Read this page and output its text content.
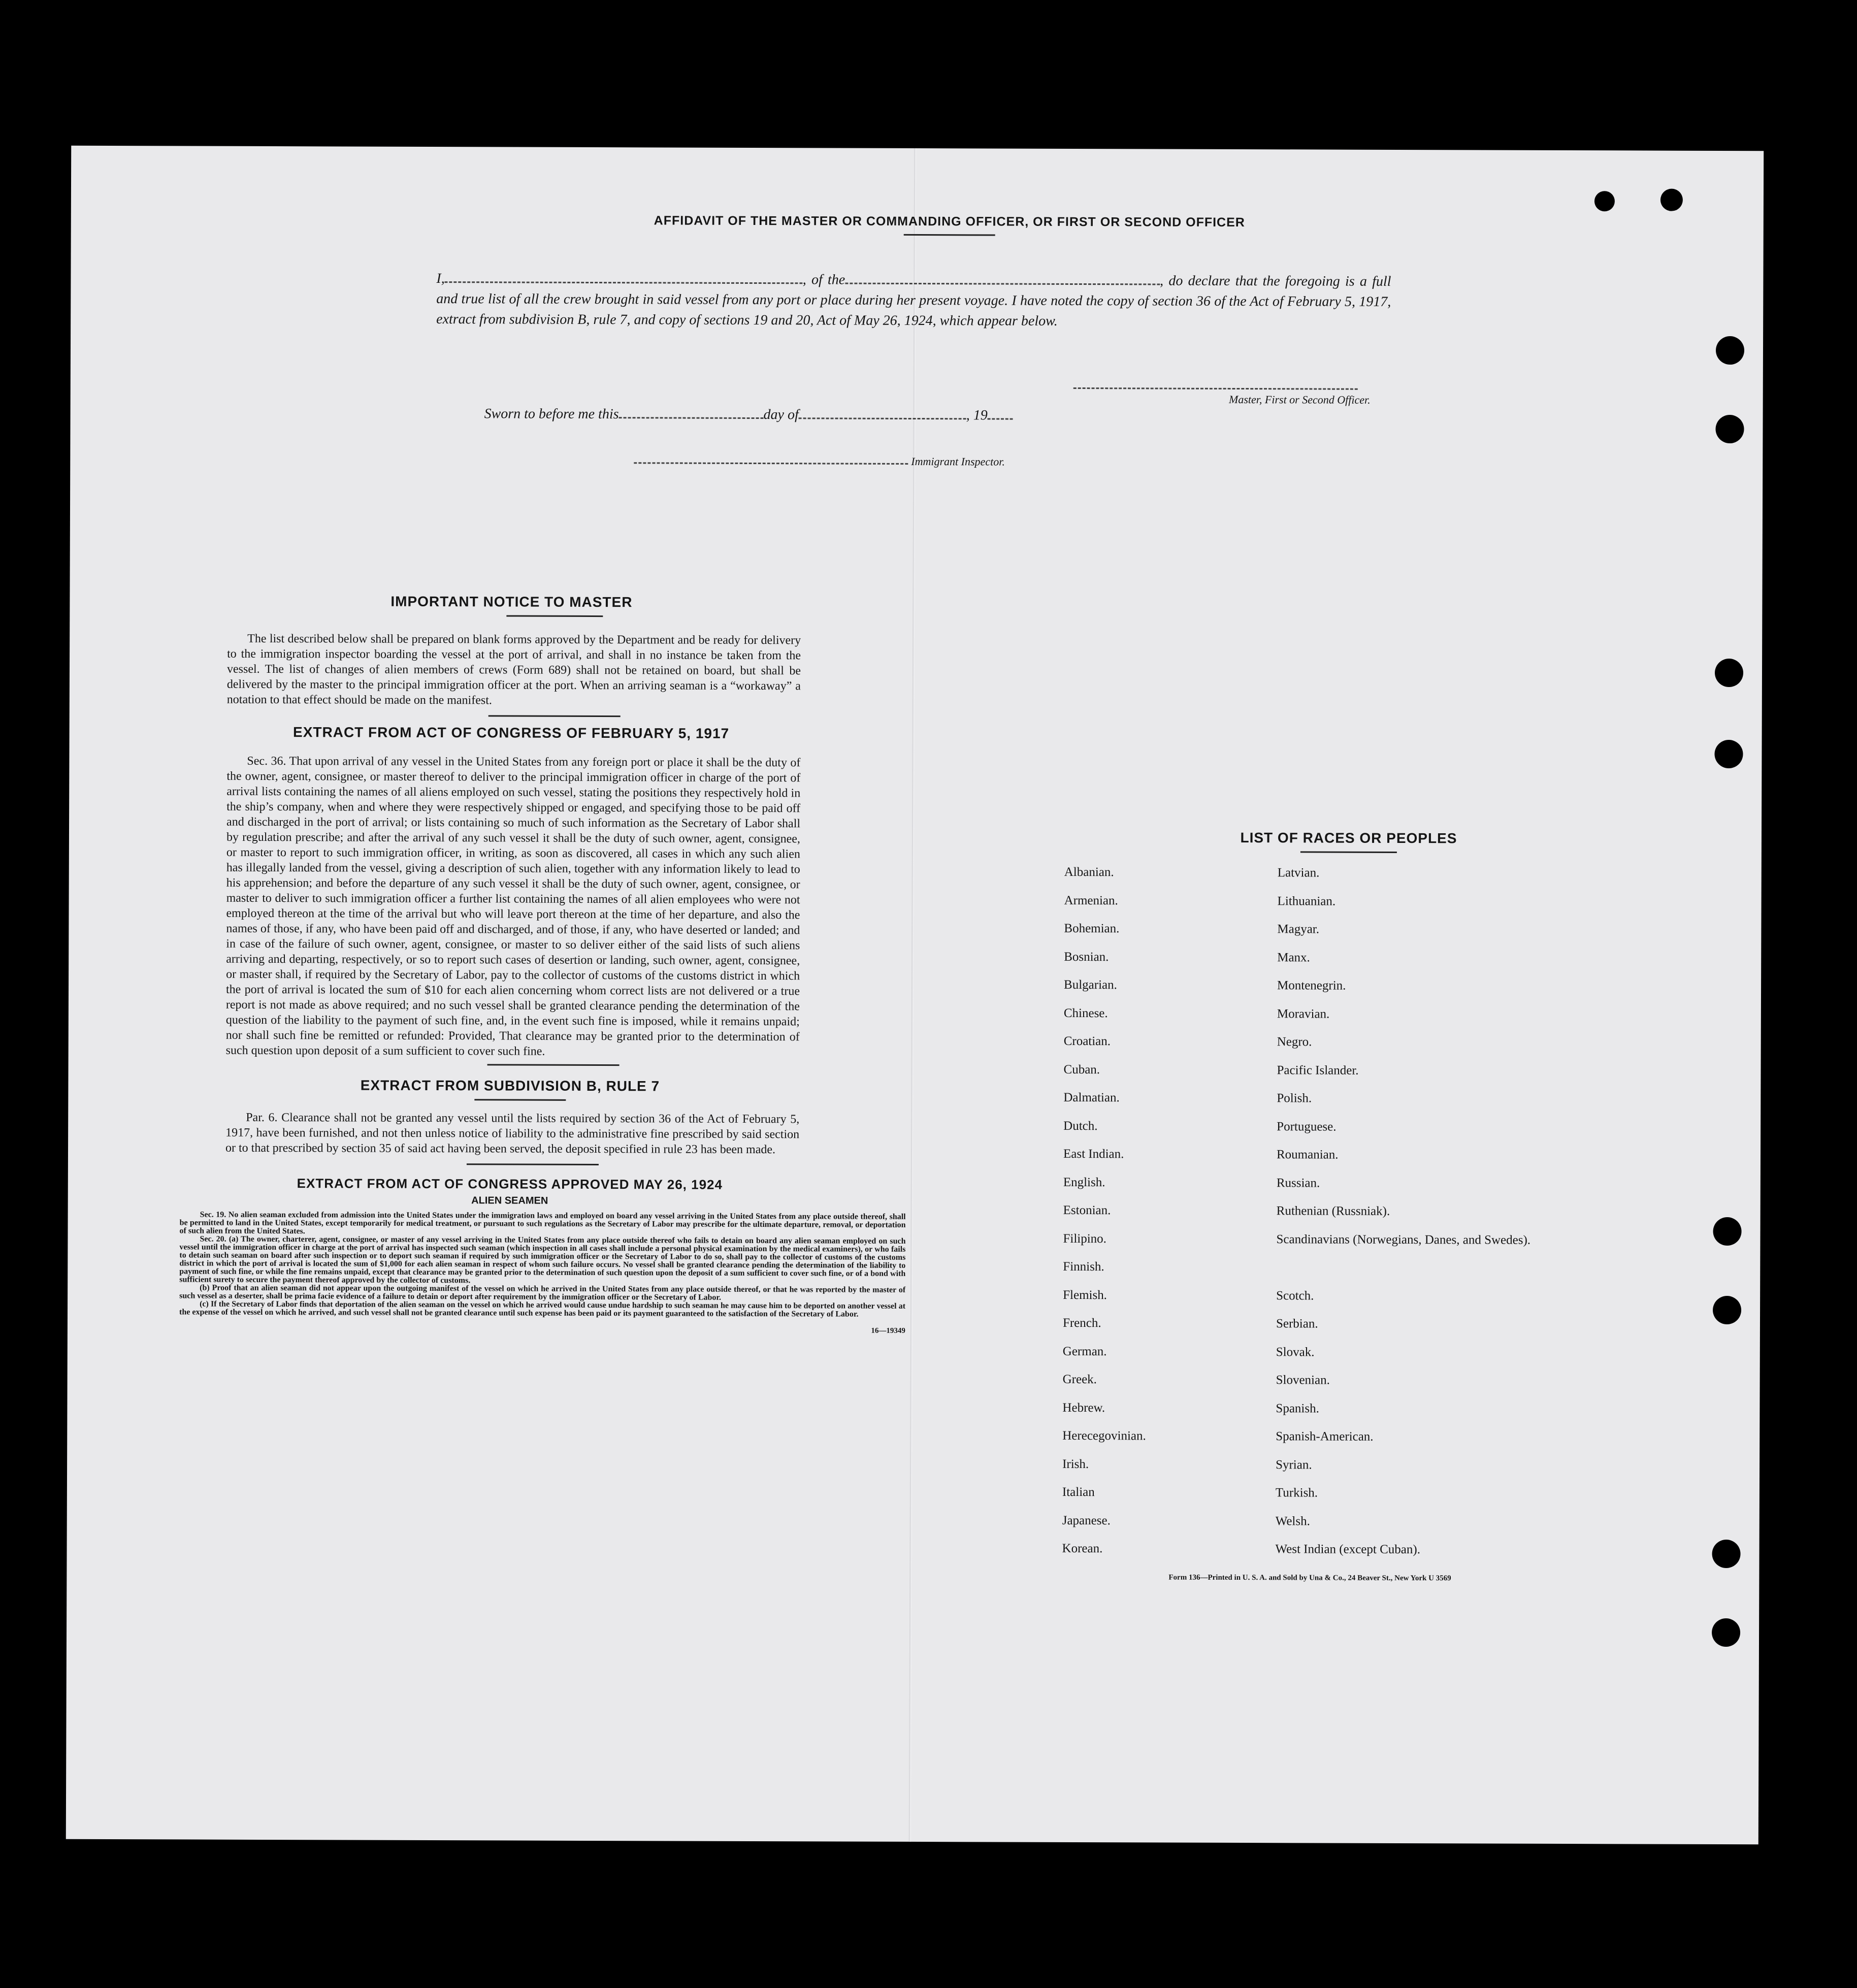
AFFIDAVIT OF THE MASTER OR COMMANDING OFFICER, OR FIRST OR SECOND OFFICER
I,	, of the	, do declare that the foregoing is a full and true list of all the crew brought in said vessel from any port or place during her present voyage. I have noted the copy of section 36 of the Act of February 5, 1917, extract from subdivision B, rule 7, and copy of sections 19 and 20, Act of May 26, 1924, which appear below.
Master, First or Second Officer.
Sworn to before me this	day of	, 19
Immigrant Inspector.
IMPORTANT NOTICE TO MASTER

The list described below shall be prepared on blank forms approved by the Department and be ready for delivery to the immigration inspector boarding the vessel at the port of arrival, and shall in no instance be taken from the vessel. The list of changes of alien members of crews (Form 689) shall not be retained on board, but shall be delivered by the master to the principal immigration officer at the port. When an arriving seaman is a “workaway” a notation to that effect should be made on the manifest.

EXTRACT FROM ACT OF CONGRESS OF FEBRUARY 5, 1917

Sec. 36. That upon arrival of any vessel in the United States from any foreign port or place it shall be the duty of the owner, agent, consignee, or master thereof to deliver to the principal immigration officer in charge of the port of arrival lists containing the names of all aliens employed on such vessel, stating the positions they respectively hold in the ship’s company, when and where they were respectively shipped or engaged, and specifying those to be paid off and discharged in the port of arrival; or lists containing so much of such information as the Secretary of Labor shall by regulation prescribe; and after the arrival of any such vessel it shall be the duty of such owner, agent, consignee, or master to report to such immigration officer, in writing, as soon as discovered, all cases in which any such alien has illegally landed from the vessel, giving a description of such alien, together with any information likely to lead to his apprehension; and before the departure of any such vessel it shall be the duty of such owner, agent, consignee, or master to deliver to such immigration officer a further list containing the names of all alien employees who were not employed thereon at the time of the arrival but who will leave port thereon at the time of her departure, and also the names of those, if any, who have been paid off and discharged, and of those, if any, who have deserted or landed; and in case of the failure of such owner, agent, consignee, or master to so deliver either of the said lists of such aliens arriving and departing, respectively, or so to report such cases of desertion or landing, such owner, agent, consignee, or master shall, if required by the Secretary of Labor, pay to the collector of customs of the customs district in which the port of arrival is located the sum of $10 for each alien concerning whom correct lists are not delivered or a true report is not made as above required; and no such vessel shall be granted clearance pending the determination of the question of the liability to the payment of such fine, and, in the event such fine is imposed, while it remains unpaid; nor shall such fine be remitted or refunded: Provided, That clearance may be granted prior to the determination of such question upon deposit of a sum sufficient to cover such fine.

EXTRACT FROM SUBDIVISION B, RULE 7

Par. 6. Clearance shall not be granted any vessel until the lists required by section 36 of the Act of February 5, 1917, have been furnished, and not then unless notice of liability to the administrative fine prescribed by said section or to that prescribed by section 35 of said act having been served, the deposit specified in rule 23 has been made.

EXTRACT FROM ACT OF CONGRESS APPROVED MAY 26, 1924
ALIEN SEAMEN

Sec. 19. No alien seaman excluded from admission into the United States under the immigration laws and employed on board any vessel arriving in the United States from any place outside thereof, shall be permitted to land in the United States, except temporarily for medical treatment, or pursuant to such regulations as the Secretary of Labor may prescribe for the ultimate departure, removal, or deportation of such alien from the United States.

Sec. 20. (a) The owner, charterer, agent, consignee, or master of any vessel arriving in the United States from any place outside thereof who fails to detain on board any alien seaman employed on such vessel until the immigration officer in charge at the port of arrival has inspected such seaman (which inspection in all cases shall include a personal physical examination by the medical examiners), or who fails to detain such seaman on board after such inspection or to deport such seaman if required by such immigration officer or the Secretary of Labor to do so, shall pay to the collector of customs of the customs district in which the port of arrival is located the sum of $1,000 for each alien seaman in respect of whom such failure occurs. No vessel shall be granted clearance pending the determination of the liability to payment of such fine, or while the fine remains unpaid, except that clearance may be granted prior to the determination of such question upon the deposit of a sum sufficient to cover such fine, or of a bond with sufficient surety to secure the payment thereof approved by the collector of customs.

(b) Proof that an alien seaman did not appear upon the outgoing manifest of the vessel on which he arrived in the United States from any place outside thereof, or that he was reported by the master of such vessel as a deserter, shall be prima facie evidence of a failure to detain or deport after requirement by the immigration officer or the Secretary of Labor.

(c) If the Secretary of Labor finds that deportation of the alien seaman on the vessel on which he arrived would cause undue hardship to such seaman he may cause him to be deported on another vessel at the expense of the vessel on which he arrived, and such vessel shall not be granted clearance until such expense has been paid or its payment guaranteed to the satisfaction of the Secretary of Labor.

16—19349
LIST OF RACES OR PEOPLES
Albanian.	Latvian.
Armenian.	Lithuanian.
Bohemian.	Magyar.
Bosnian.	Manx.
Bulgarian.	Montenegrin.
Chinese.	Moravian.
Croatian.	Negro.
Cuban.	Pacific Islander.
Dalmatian.	Polish.
Dutch.	Portuguese.
East Indian.	Roumanian.
English.	Russian.
Estonian.	Ruthenian (Russniak).
Filipino.	Scandinavians (Norwegians, Danes, and Swedes).
Finnish.
Flemish.	Scotch.
French.	Serbian.
German.	Slovak.
Greek.	Slovenian.
Hebrew.	Spanish.
Herecegovinian.	Spanish-American.
Irish.	Syrian.
Italian	Turkish.
Japanese.	Welsh.
Korean.	West Indian (except Cuban).
Form 136—Printed in U. S. A. and Sold by Una & Co., 24 Beaver St., New York U 3569
